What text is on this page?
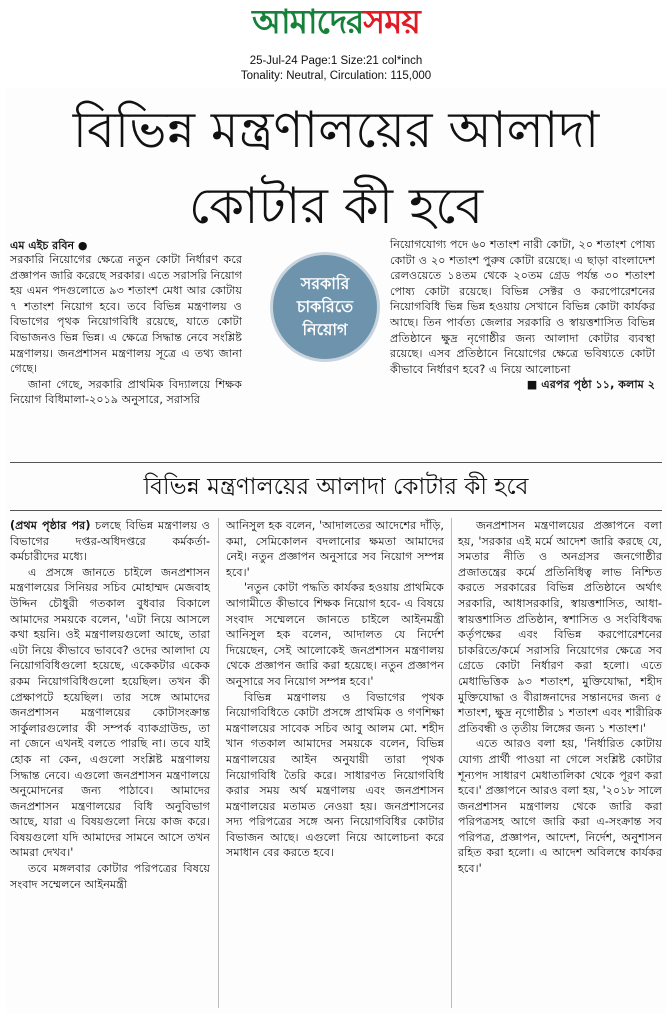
আমাদেরসময়
25-Jul-24 Page:1 Size:21 col*inch
Tonality: Neutral, Circulation: 115,000
বিভিন্ন মন্ত্রণালয়ের আলাদা
কোটার কী হবে
এম এইচ রবিন ●

সরকারি নিয়োগের ক্ষেত্রে নতুন কোটা নির্ধারণ করে প্রজ্ঞাপন জারি করেছে সরকার। এতে সরাসরি নিয়োগ হয় এমন পদগুলোতে ৯৩ শতাংশ মেধা আর কোটায় ৭ শতাংশ নিয়োগ হবে। তবে বিভিন্ন মন্ত্রণালয় ও বিভাগের পৃথক নিয়োগবিধি রয়েছে, যাতে কোটা বিভাজনও ভিন্ন ভিন্ন। এ ক্ষেত্রে সিদ্ধান্ত নেবে সংশ্লিষ্ট মন্ত্রণালয়। জনপ্রশাসন মন্ত্রণালয় সূত্রে এ তথ্য জানা গেছে।

জানা গেছে, সরকারি প্রাথমিক বিদ্যালয়ে শিক্ষক নিয়োগ বিধিমালা-২০১৯ অনুসারে, সরাসরি

সরকারি
চাকরিতে
নিয়োগ

নিয়োগযোগ্য পদে ৬০ শতাংশ নারী কোটা, ২০ শতাংশ পোষ্য কোটা ও ২০ শতাংশ পুরুষ কোটা রয়েছে। এ ছাড়া বাংলাদেশ রেলওয়েতে ১৪তম থেকে ২০তম গ্রেড পর্যন্ত ৩০ শতাংশ পোষ্য কোটা রয়েছে। বিভিন্ন সেক্টর ও করপোরেশনের নিয়োগবিধি ভিন্ন ভিন্ন হওয়ায় সেখানে বিভিন্ন কোটা কার্যকর আছে। তিন পার্বত্য জেলার সরকারি ও স্বায়ত্তশাসিত বিভিন্ন প্রতিষ্ঠানে ক্ষুদ্র নৃগোষ্ঠীর জন্য আলাদা কোটার ব্যবস্থা রয়েছে। এসব প্রতিষ্ঠানে নিয়োগের ক্ষেত্রে ভবিষ্যতে কোটা কীভাবে নির্ধারণ হবে? এ নিয়ে আলোচনা

■ এরপর পৃষ্ঠা ১১, কলাম ২

বিভিন্ন মন্ত্রণালয়ের আলাদা কোটার কী হবে

(প্রথম পৃষ্ঠার পর) চলছে বিভিন্ন মন্ত্রণালয় ও বিভাগের দপ্তর-অধিদপ্তরে কর্মকর্তা-কর্মচারীদের মধ্যে।

এ প্রসঙ্গে জানতে চাইলে জনপ্রশাসন মন্ত্রণালয়ের সিনিয়র সচিব মোহাম্মদ মেজবাহ উদ্দিন চৌধুরী গতকাল বুধবার বিকালে আমাদের সময়কে বলেন, 'এটা নিয়ে আসলে কথা হয়নি। ওই মন্ত্রণালয়গুলো আছে, তারা এটা নিয়ে কীভাবে ভাববে? ওদের আলাদা যে নিয়োগবিধিগুলো হয়েছে, একেকটার একেক রকম নিয়োগবিধিগুলো হয়েছিল। তখন কী প্রেক্ষাপটে হয়েছিল। তার সঙ্গে আমাদের জনপ্রশাসন মন্ত্রণালয়ের কোটাসংক্রান্ত সার্কুলারগুলোর কী সম্পর্ক ব্যাকগ্রাউন্ড, তা না জেনে এখনই বলতে পারছি না। তবে যাই হোক না কেন, এগুলো সংশ্লিষ্ট মন্ত্রণালয় সিদ্ধান্ত নেবে। এগুলো জনপ্রশাসন মন্ত্রণালয়ে অনুমোদনের জন্য পাঠাবে। আমাদের জনপ্রশাসন মন্ত্রণালয়ের বিধি অনুবিভাগ আছে, যারা এ বিষয়গুলো নিয়ে কাজ করে। বিষয়গুলো যদি আমাদের সামনে আসে তখন আমরা দেখব।'

তবে মঙ্গলবার কোটার পরিপত্রের বিষয়ে সংবাদ সম্মেলনে আইনমন্ত্রী

আনিসুল হক বলেন, 'আদালতের আদেশের দাঁড়ি, কমা, সেমিকোলন বদলানোর ক্ষমতা আমাদের নেই। নতুন প্রজ্ঞাপন অনুসারে সব নিয়োগ সম্পন্ন হবে।'

'নতুন কোটা পদ্ধতি কার্যকর হওয়ায় প্রাথমিকে আগামীতে কীভাবে শিক্ষক নিয়োগ হবে- এ বিষয়ে সংবাদ সম্মেলনে জানতে চাইলে আইনমন্ত্রী আনিসুল হক বলেন, আদালত যে নির্দেশ দিয়েছেন, সেই আলোকেই জনপ্রশাসন মন্ত্রণালয় থেকে প্রজ্ঞাপন জারি করা হয়েছে। নতুন প্রজ্ঞাপন অনুসারে সব নিয়োগ সম্পন্ন হবে।'

বিভিন্ন মন্ত্রণালয় ও বিভাগের পৃথক নিয়োগবিধিতে কোটা প্রসঙ্গে প্রাথমিক ও গণশিক্ষা মন্ত্রণালয়ের সাবেক সচিব আবু আলম মো. শহীদ খান গতকাল আমাদের সময়কে বলেন, বিভিন্ন মন্ত্রণালয়ের আইন অনুযায়ী তারা পৃথক নিয়োগবিধি তৈরি করে। সাধারণত নিয়োগবিধি করার সময় অর্থ মন্ত্রণালয় এবং জনপ্রশাসন মন্ত্রণালয়ের মতামত নেওয়া হয়। জনপ্রশাসনের সদ্য পরিপত্রের সঙ্গে অন্য নিয়োগবিধির কোটার বিভাজন আছে। এগুলো নিয়ে আলোচনা করে সমাধান বের করতে হবে।

জনপ্রশাসন মন্ত্রণালয়ের প্রজ্ঞাপনে বলা হয়, 'সরকার এই মর্মে আদেশ জারি করছে যে, সমতার নীতি ও অনগ্রসর জনগোষ্ঠীর প্রজাতন্ত্রের কর্মে প্রতিনিধিত্ব লাভ নিশ্চিত করতে সরকারের বিভিন্ন প্রতিষ্ঠানে অর্থাৎ সরকারি, আধাসরকারি, স্বায়ত্তশাসিত, আধা-স্বায়ত্তশাসিত প্রতিষ্ঠান, স্বশাসিত ও সংবিধিবদ্ধ কর্তৃপক্ষের এবং বিভিন্ন করপোরেশনের চাকরিতে/কর্মে সরাসরি নিয়োগের ক্ষেত্রে সব গ্রেডে কোটা নির্ধারণ করা হলো। এতে মেধাভিত্তিক ৯৩ শতাংশ, মুক্তিযোদ্ধা, শহীদ মুক্তিযোদ্ধা ও বীরাঙ্গনাদের সন্তানদের জন্য ৫ শতাংশ, ক্ষুদ্র নৃগোষ্ঠীর ১ শতাংশ এবং শারীরিক প্রতিবন্ধী ও তৃতীয় লিঙ্গের জন্য ১ শতাংশ।'

এতে আরও বলা হয়, 'নির্ধারিত কোটায় যোগ্য প্রার্থী পাওয়া না গেলে সংশ্লিষ্ট কোটার শূন্যপদ সাধারণ মেধাতালিকা থেকে পূরণ করা হবে।' প্রজ্ঞাপনে আরও বলা হয়, '২০১৮ সালে জনপ্রশাসন মন্ত্রণালয় থেকে জারি করা পরিপত্রসহ আগে জারি করা এ-সংক্রান্ত সব পরিপত্র, প্রজ্ঞাপন, আদেশ, নির্দেশ, অনুশাসন রহিত করা হলো। এ আদেশ অবিলম্বে কার্যকর হবে।'
